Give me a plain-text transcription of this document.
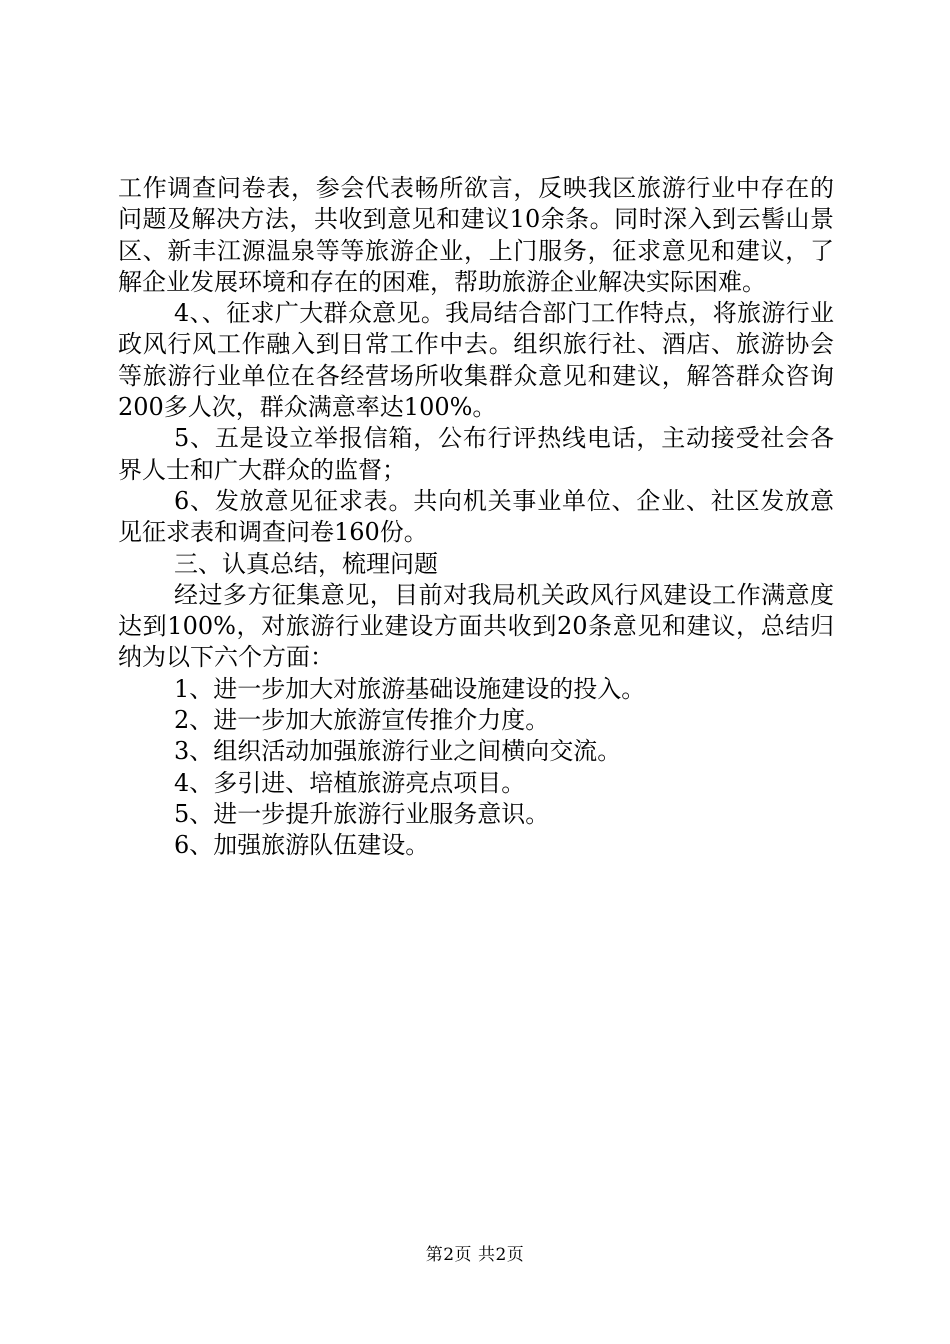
工作调查问卷表，参会代表畅所欲言，反映我区旅游行业中存在的问题及解决方法，共收到意见和建议10余条。同时深入到云髻山景区、新丰江源温泉等等旅游企业，上门服务，征求意见和建议，了解企业发展环境和存在的困难，帮助旅游企业解决实际困难。

4、、征求广大群众意见。我局结合部门工作特点，将旅游行业政风行风工作融入到日常工作中去。组织旅行社、酒店、旅游协会等旅游行业单位在各经营场所收集群众意见和建议，解答群众咨询200多人次，群众满意率达100%。

5、五是设立举报信箱，公布行评热线电话，主动接受社会各界人士和广大群众的监督；

6、发放意见征求表。共向机关事业单位、企业、社区发放意见征求表和调查问卷160份。

三、认真总结，梳理问题

经过多方征集意见，目前对我局机关政风行风建设工作满意度达到100%，对旅游行业建设方面共收到20条意见和建议，总结归纳为以下六个方面：

1、进一步加大对旅游基础设施建设的投入。

2、进一步加大旅游宣传推介力度。

3、组织活动加强旅游行业之间横向交流。

4、多引进、培植旅游亮点项目。

5、进一步提升旅游行业服务意识。

6、加强旅游队伍建设。

第2页 共2页
